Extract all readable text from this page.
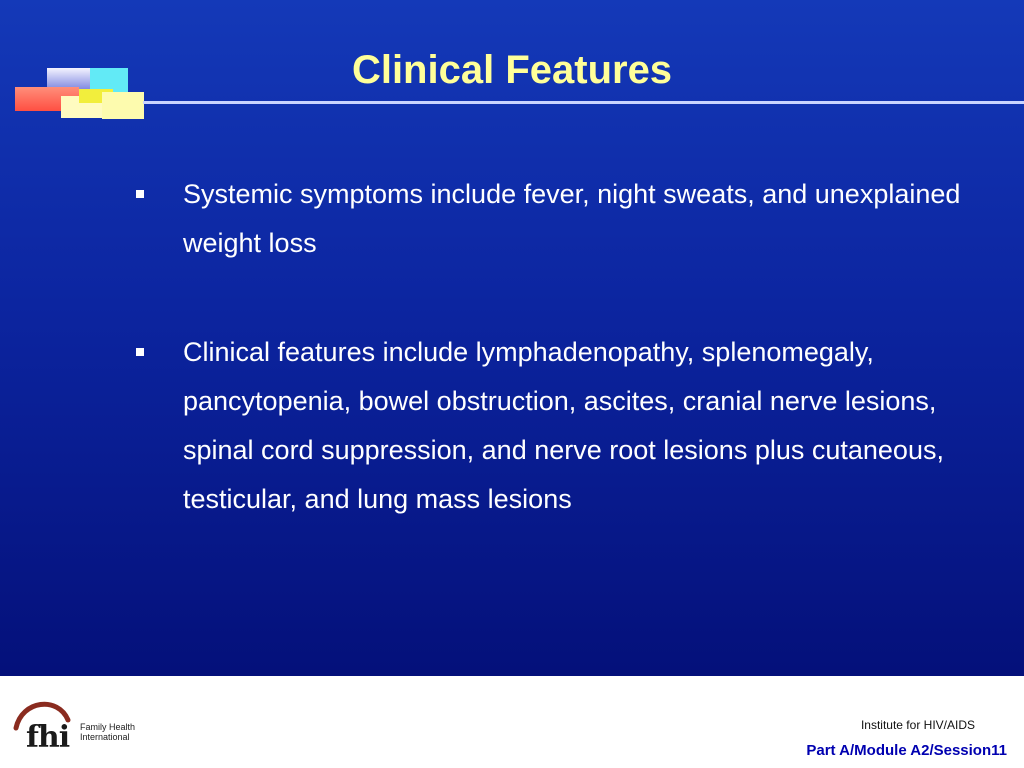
Clinical Features
Systemic symptoms include fever, night sweats, and unexplained weight loss
Clinical features include lymphadenopathy, splenomegaly, pancytopenia, bowel obstruction, ascites, cranial nerve lesions, spinal cord suppression, and nerve root lesions plus cutaneous, testicular, and lung mass lesions
fhi Family Health
International
Institute for HIV/AIDS
Part A/Module A2/Session11
